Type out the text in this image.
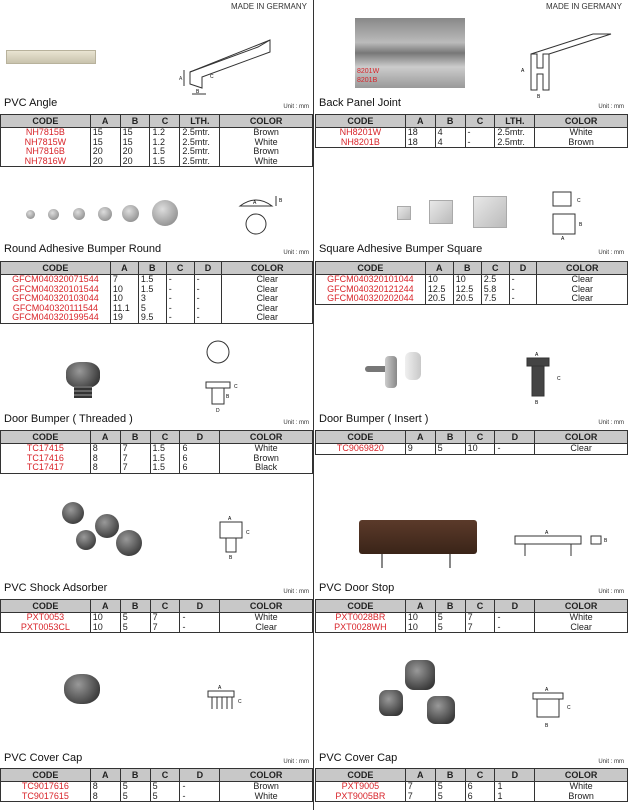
MADE IN GERMANY
A
B
C
PVC Angle	Unit : mm
CODE	A	B	C	LTH.	COLOR
NH7815B	15	15	1.2	2.5mtr.	Brown
NH7815W	15	15	1.2	2.5mtr.	White
NH7816B	20	20	1.5	2.5mtr.	Brown
NH7816W	20	20	1.5	2.5mtr.	White
A	B
Round Adhesive Bumper Round	Unit : mm
CODE	A	B	C	D	COLOR
GFCM040320071544	7	1.5	-	-	Clear
GFCM040320101544	10	1.5	-	-	Clear
GFCM040320103044	10	3	-	-	Clear
GFCM040320111544	11.1	5	-	-	Clear
GFCM040320199544	19	9.5	-	-	Clear
B
C
D
Door Bumper ( Threaded )	Unit : mm
CODE	A	B	C	D	COLOR
TC17415	8	7	1.5	6	White
TC17416	8	7	1.5	6	Brown
TC17417	8	7	1.5	6	Black
A
C
B
PVC Shock Adsorber	Unit : mm
CODE	A	B	C	D	COLOR
PXT0053	10	5	7	-	White
PXT0053CL	10	5	7	-	Clear
A
C
PVC Cover Cap	Unit : mm
CODE	A	B	C	D	COLOR
TC9017616	8	5	5	-	Brown
TC9017615	8	5	5	-	White
MADE IN GERMANY
8201W
8201B
A
B
Back Panel Joint	Unit : mm
CODE	A	B	C	LTH.	COLOR
NH8201W	18	4	-	2.5mtr.	White
NH8201B	18	4	-	2.5mtr.	Brown
C
B
A
Square Adhesive Bumper Square	Unit : mm
CODE	A	B	C	D	COLOR
GFCM040320101044	10	10	2.5	-	Clear
GFCM040320121244	12.5	12.5	5.8	-	Clear
GFCM040320202044	20.5	20.5	7.5	-	Clear
A
C
B
Door Bumper ( Insert )	Unit : mm
CODE	A	B	C	D	COLOR
TC9069820	9	5	10	-	Clear
A
B
PVC Door Stop	Unit : mm
CODE	A	B	C	D	COLOR
PXT0028BR	10	5	7	-	White
PXT0028WH	10	5	7	-	Clear
A
C
B
PVC Cover Cap	Unit : mm
CODE	A	B	C	D	COLOR
PXT9005	7	5	6	1	White
PXT9005BR	7	5	6	1	Brown
